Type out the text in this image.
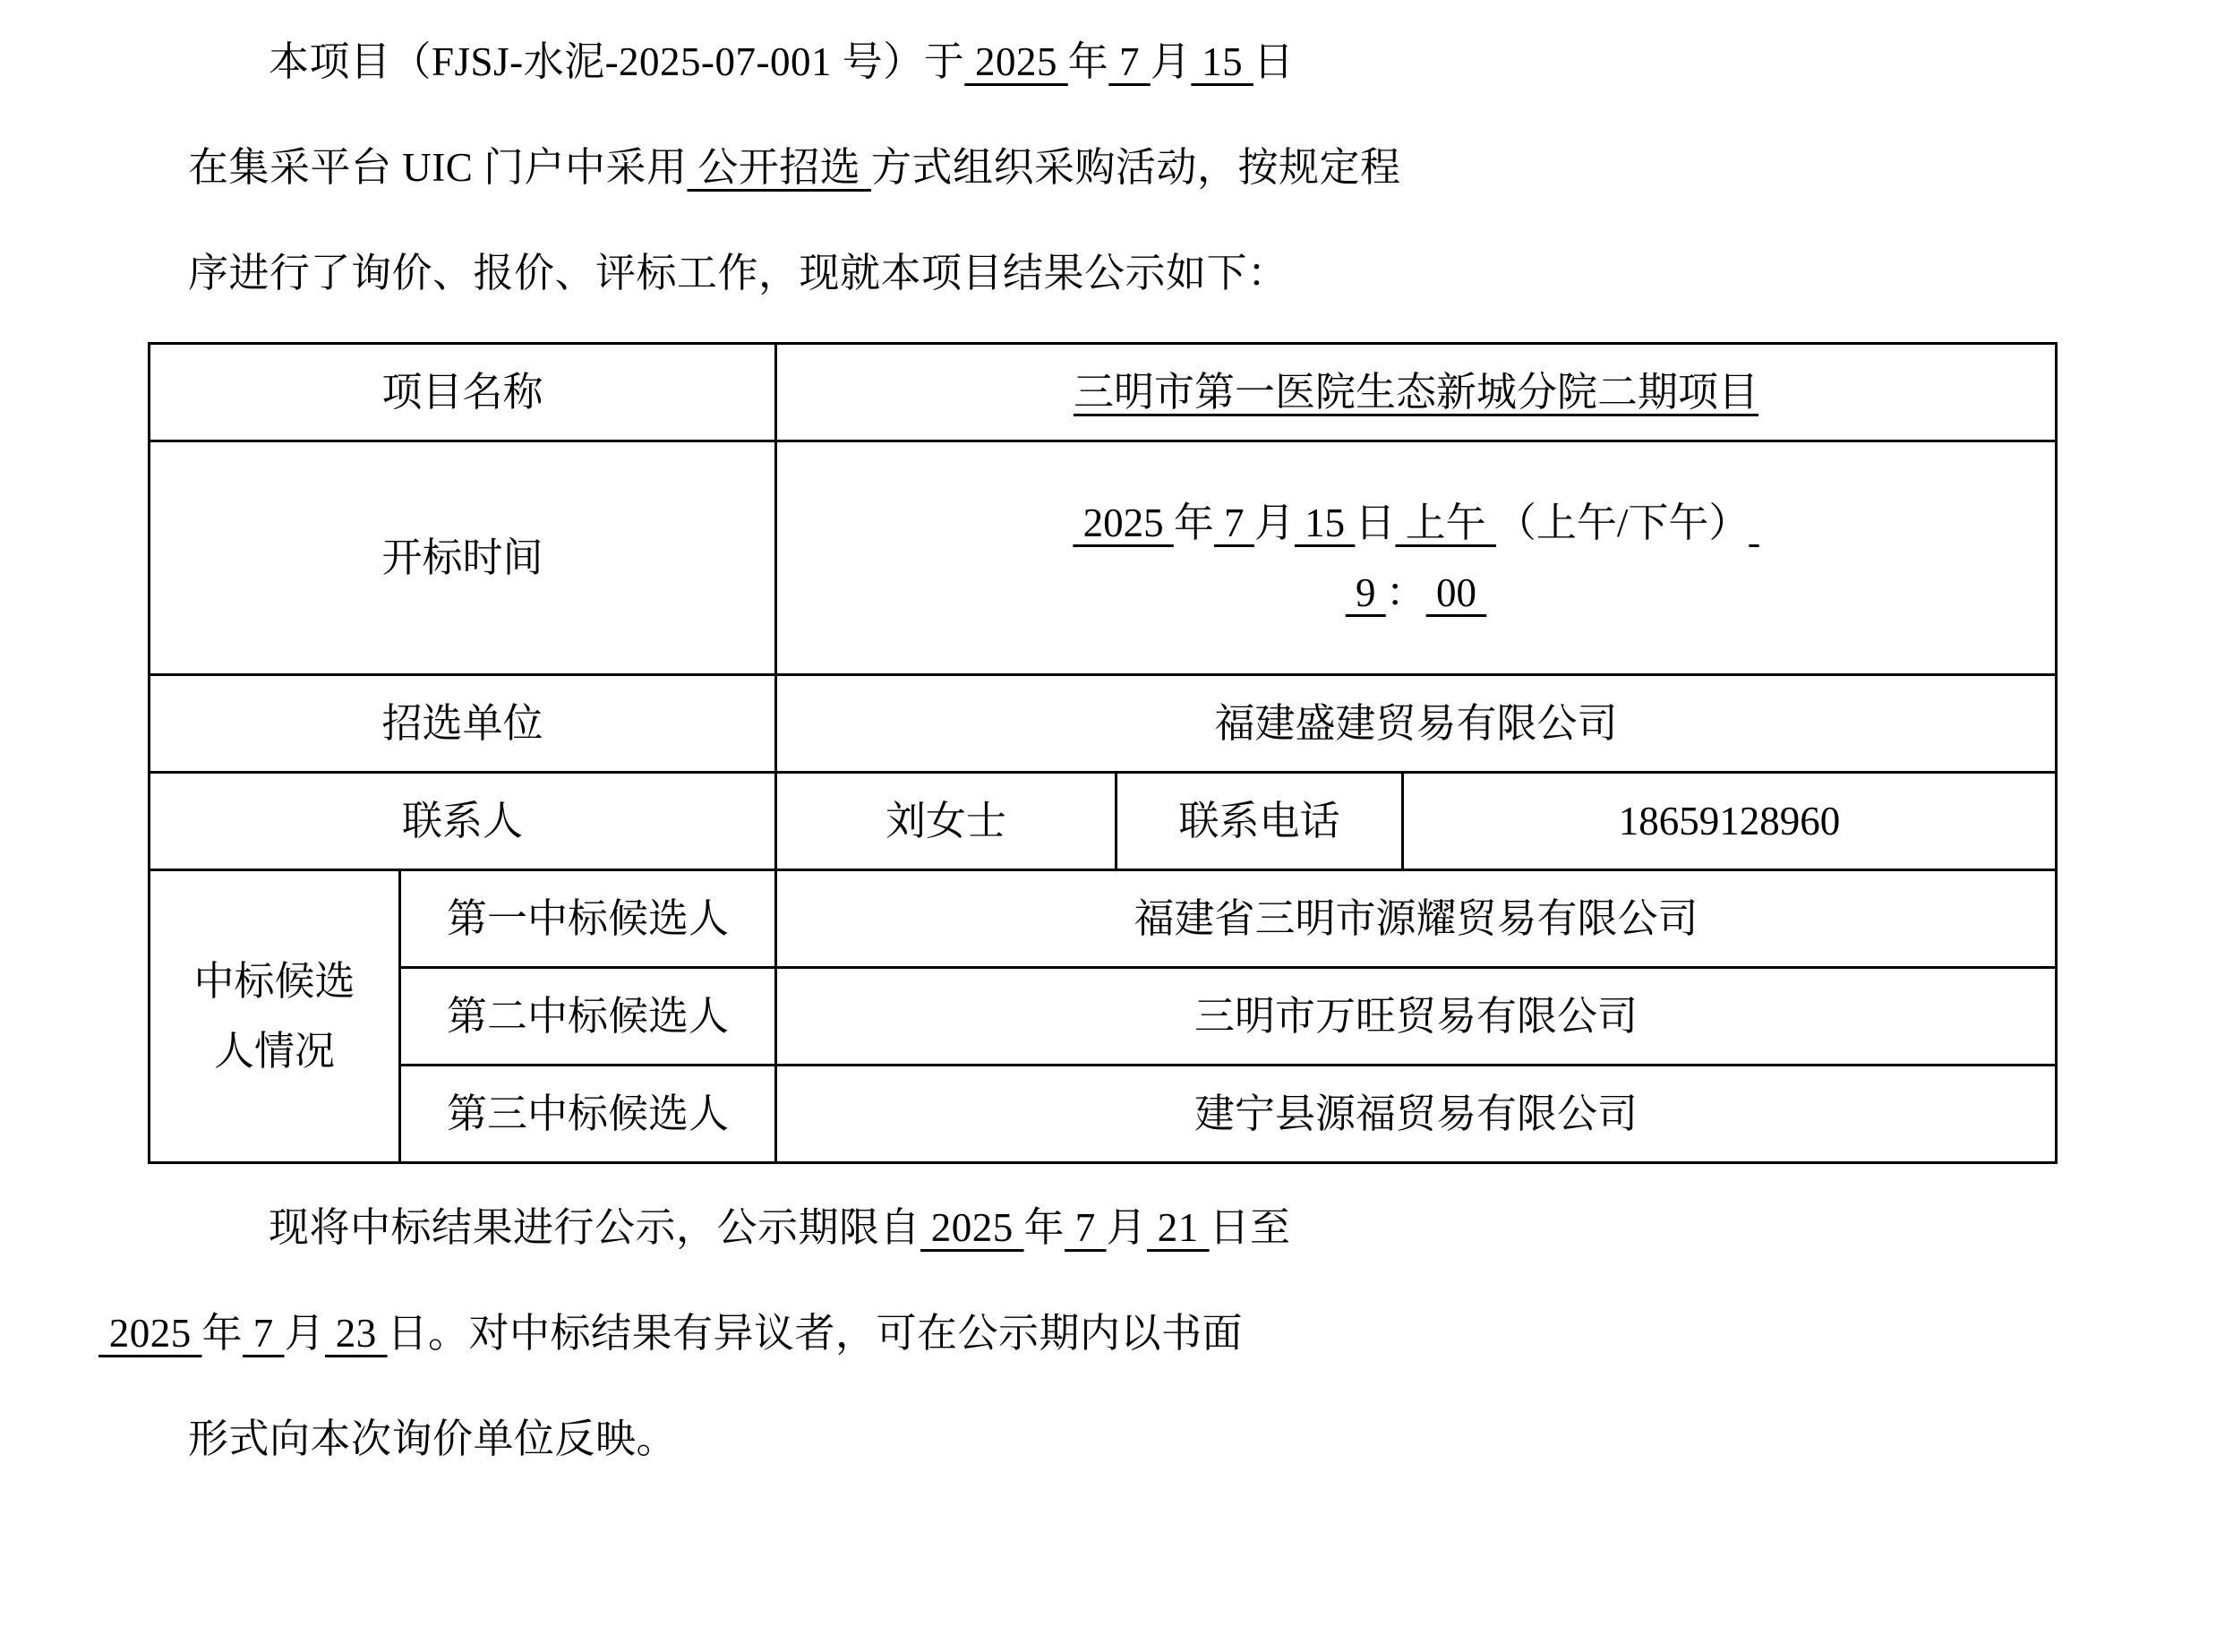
本项目（FJSJ-水泥-2025-07-001 号）于 2025 年 7 月 15 日
在集采平台 UIC 门户中采用 公开招选 方式组织采购活动，按规定程
序进行了询价、报价、评标工作，现就本项目结果公示如下：
项目名称		三明市第一医院生态新城分院二期项目		
开标时间		2025 年 7 月 15 日 上午 （上午/下午）
9 ： 00		

招选单位		福建盛建贸易有限公司		
联系人		刘女士	联系电话	18659128960
中标候选
人情况	第一中标候选人	福建省三明市源耀贸易有限公司		
	第二中标候选人	三明市万旺贸易有限公司		
	第三中标候选人	建宁县源福贸易有限公司		
现将中标结果进行公示，公示期限自 2025 年 7 月 21 日至
2025 年 7 月 23 日。对中标结果有异议者，可在公示期内以书面
形式向本次询价单位反映。
